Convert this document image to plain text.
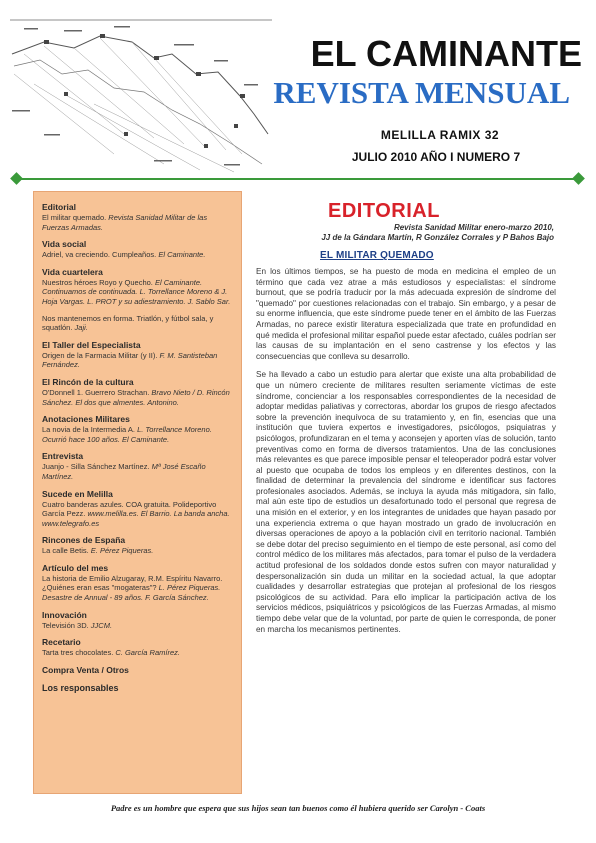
EL CAMINANTE
REVISTA MENSUAL
MELILLA RAMIX 32
JULIO 2010 AÑO I NUMERO 7

Editorial

El militar quemado. Revista Sanidad Militar de las Fuerzas Armadas.

Vida social

Adriel, va creciendo. Cumpleaños. El Caminante.

Vida cuartelera

Nuestros héroes Royo y Quecho. El Caminante. Continuamos de continuada. L. Torrellance Moreno & J. Hoja Vargas. L. PROT y su adiestramiento. J. Sablo Sar.

Nos mantenemos en forma. Triatlón, y fútbol sala, y squatlón. Jaji.

El Taller del Especialista

Origen de la Farmacia Militar (y II). F. M. Santisteban Fernández.

El Rincón de la cultura

O'Donnell 1. Guerrero Strachan. Bravo Nieto / D. Rincón Sánchez. El dos que almentes. Antonino.

Anotaciones Militares

La novia de la Intermedia A. L. Torrellance Moreno. Ocurrió hace 100 años. El Caminante.

Entrevista

Juanjo - Silla Sánchez Martínez. Mª José Escaño Martínez.

Sucede en Melilla

Cuatro banderas azules. COA gratuita. Polideportivo García Pezz. www.melilla.es. El Barrio. La banda ancha. www.telegrafo.es

Rincones de España

La calle Betis. E. Pérez Piqueras.

Artículo del mes

La historia de Emilio Alzugaray, R.M. Espíritu Navarro. ¿Quiénes eran esas "mogateras"? L. Pérez Piqueras. Desastre de Annual - 89 años. F. García Sánchez.

Innovación

Televisión 3D. JJCM.

Recetario

Tarta tres chocolates. C. García Ramírez.

Compra Venta / Otros

Los responsables
EDITORIAL
Revista Sanidad Militar enero-marzo 2010,
JJ de la Gándara Martín, R González Corrales y P Bahos Bajo
EL MILITAR QUEMADO

En los últimos tiempos, se ha puesto de moda en medicina el empleo de un término que cada vez atrae a más estudiosos y especialistas: el síndrome burnout, que se podría traducir por la más adecuada expresión de síndrome del "quemado" por cuestiones relacionadas con el trabajo. Sin embargo, y a pesar de su enorme influencia, que este síndrome puede tener en el ámbito de las Fuerzas Armadas, no parece existir literatura especializada que trate en profundidad en qué medida el profesional militar español puede estar afectado, cuáles podrían ser las causas de su implantación en el seno castrense y los efectos y las consecuencias que conlleva su desarrollo.

Se ha llevado a cabo un estudio para alertar que existe una alta probabilidad de que un número creciente de militares resulten seriamente víctimas de este síndrome, concienciar a los responsables correspondientes de la necesidad de adoptar medidas paliativas y correctoras, abordar los grupos de riesgo afectados sobre la prevención inequívoca de su tratamiento y, en fin, esencias que una institución que tuviera expertos e investigadores, psicólogos, psiquiatras y psicólogos, profundizaran en el tema y aconsejen y aporten vías de solución, tanto preventivas como en forma de diversos tratamientos. Una de las conclusiones más relevantes es que parece imposible pensar el teleoperador podrá estar volver al puesto que ocupaba de todos los empleos y en diferentes destinos, con la finalidad de determinar la prevalencia del síndrome e identificar sus factores profesionales asociados. Además, se incluya la ayuda más mitigadora, sin fallo, mal aún este tipo de estudios un desafortunado todo el personal que regresa de una misión en el exterior, y en los integrantes de unidades que hayan pasado por una experiencia extrema o que hayan mostrado un grado de involucración en diversas operaciones de apoyo a la población civil en territorio nacional. También se debe dotar del preciso seguimiento en el tiempo de este personal, así como del control médico de los militares más afectados, para tomar el pulso de la verdadera actitud profesional de los soldados donde estos sufren con mayor naturalidad y despersonalización sin duda un militar en la sociedad actual, la que adoptar cualidades y desarrollar estrategias que protejan al profesional de los riesgos psicológicos de su actividad. Para ello implicar la participación activa de los servicios médicos, psiquiátricos y psicológicos de las Fuerzas Armadas, al mismo tiempo debe velar que de la voluntad, por parte de quien le corresponda, de poner en marcha los mecanismos pertinentes.

Padre es un hombre que espera que sus hijos sean tan buenos como él hubiera querido ser Carolyn - Coats
